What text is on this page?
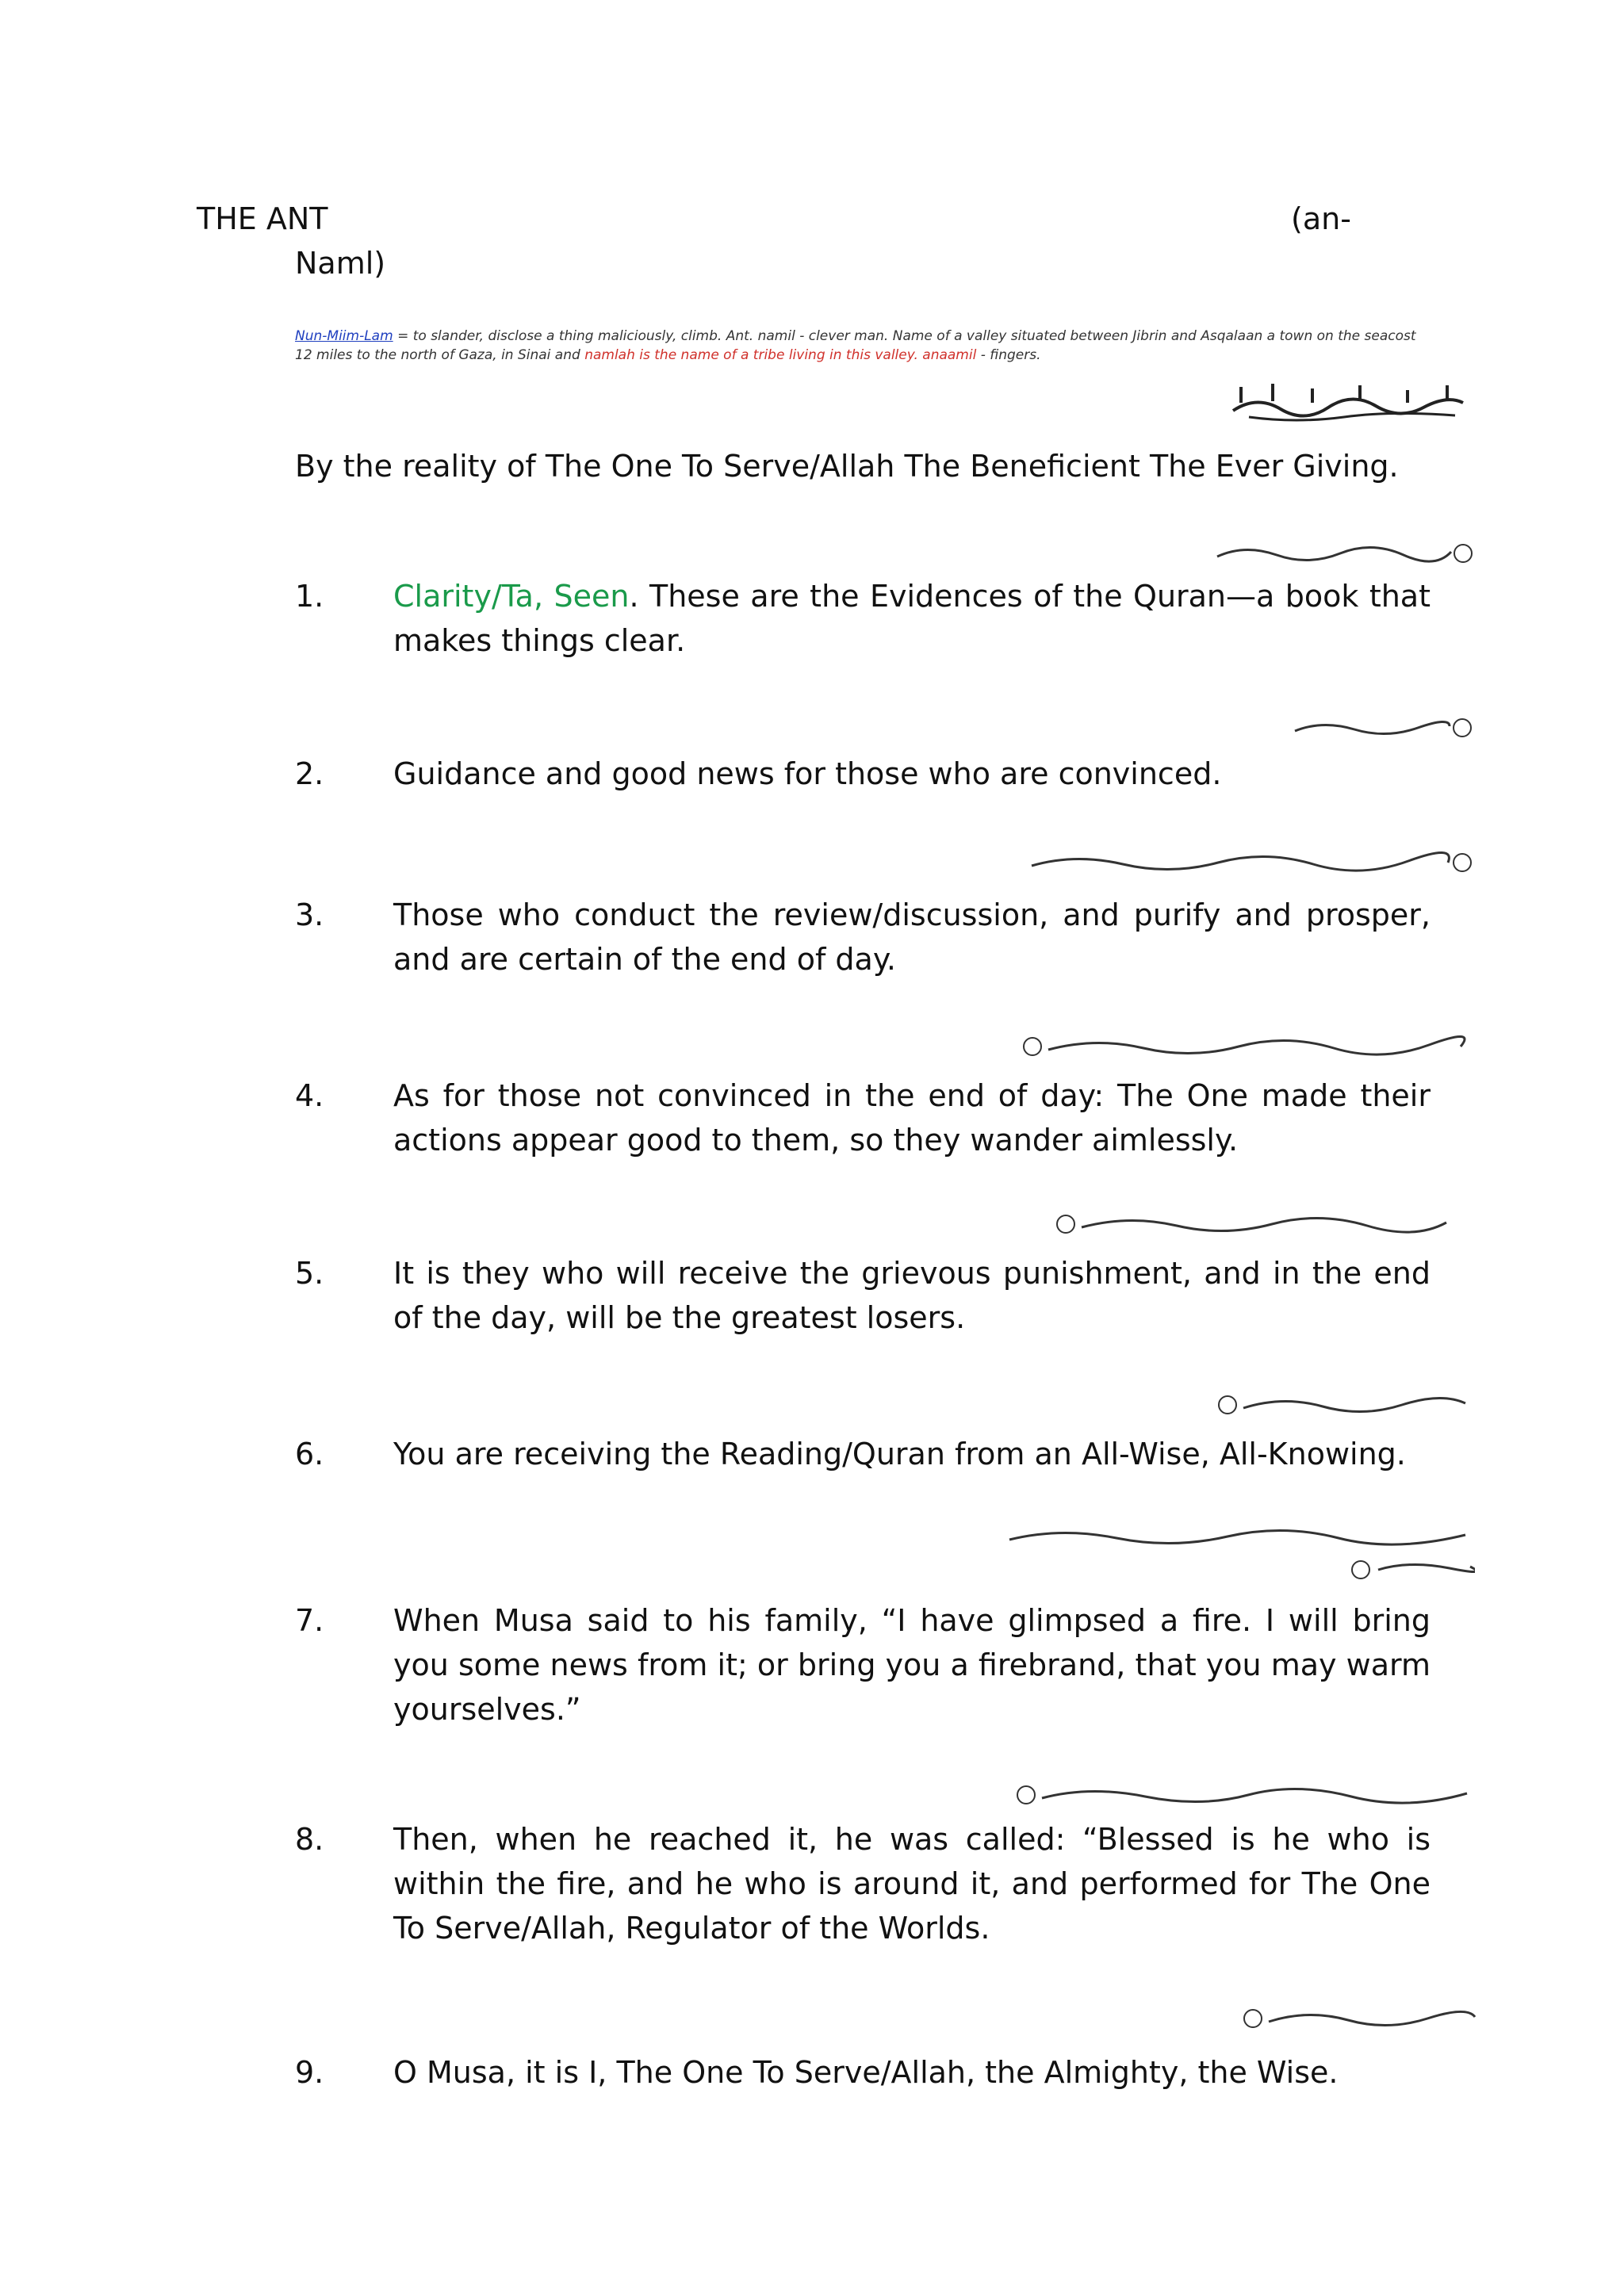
THE ANT	(an-
Naml)
Nun-Miim-Lam = to slander, disclose a thing maliciously, climb. Ant. namil - clever man. Name of a valley situated between Jibrin and Asqalaan a town on the seacost 12 miles to the north of Gaza, in Sinai and namlah is the name of a tribe living in this valley. anaamil - fingers.
By the reality of The One To Serve/Allah The Beneficient The Ever Giving.
1.	Clarity/Ta, Seen. These are the Evidences of the Quran—a book that makes things clear.
2.	Guidance and good news for those who are convinced.
3.	Those who conduct the review/discussion, and purify and prosper, and are certain of the end of day.
4.	As for those not convinced in the end of day: The One made their actions appear good to them, so they wander aimlessly.
5.	It is they who will receive the grievous punishment, and in the end of the day, will be the greatest losers.
6.	You are receiving the Reading/Quran from an All-Wise, All-Knowing.
7.	When Musa said to his family, “I have glimpsed a fire. I will bring you some news from it; or bring you a firebrand, that you may warm yourselves.”
8.	Then, when he reached it, he was called: “Blessed is he who is within the fire, and he who is around it, and performed for The One To Serve/Allah, Regulator of the Worlds.
9.	O Musa, it is I, The One To Serve/Allah, the Almighty, the Wise.
